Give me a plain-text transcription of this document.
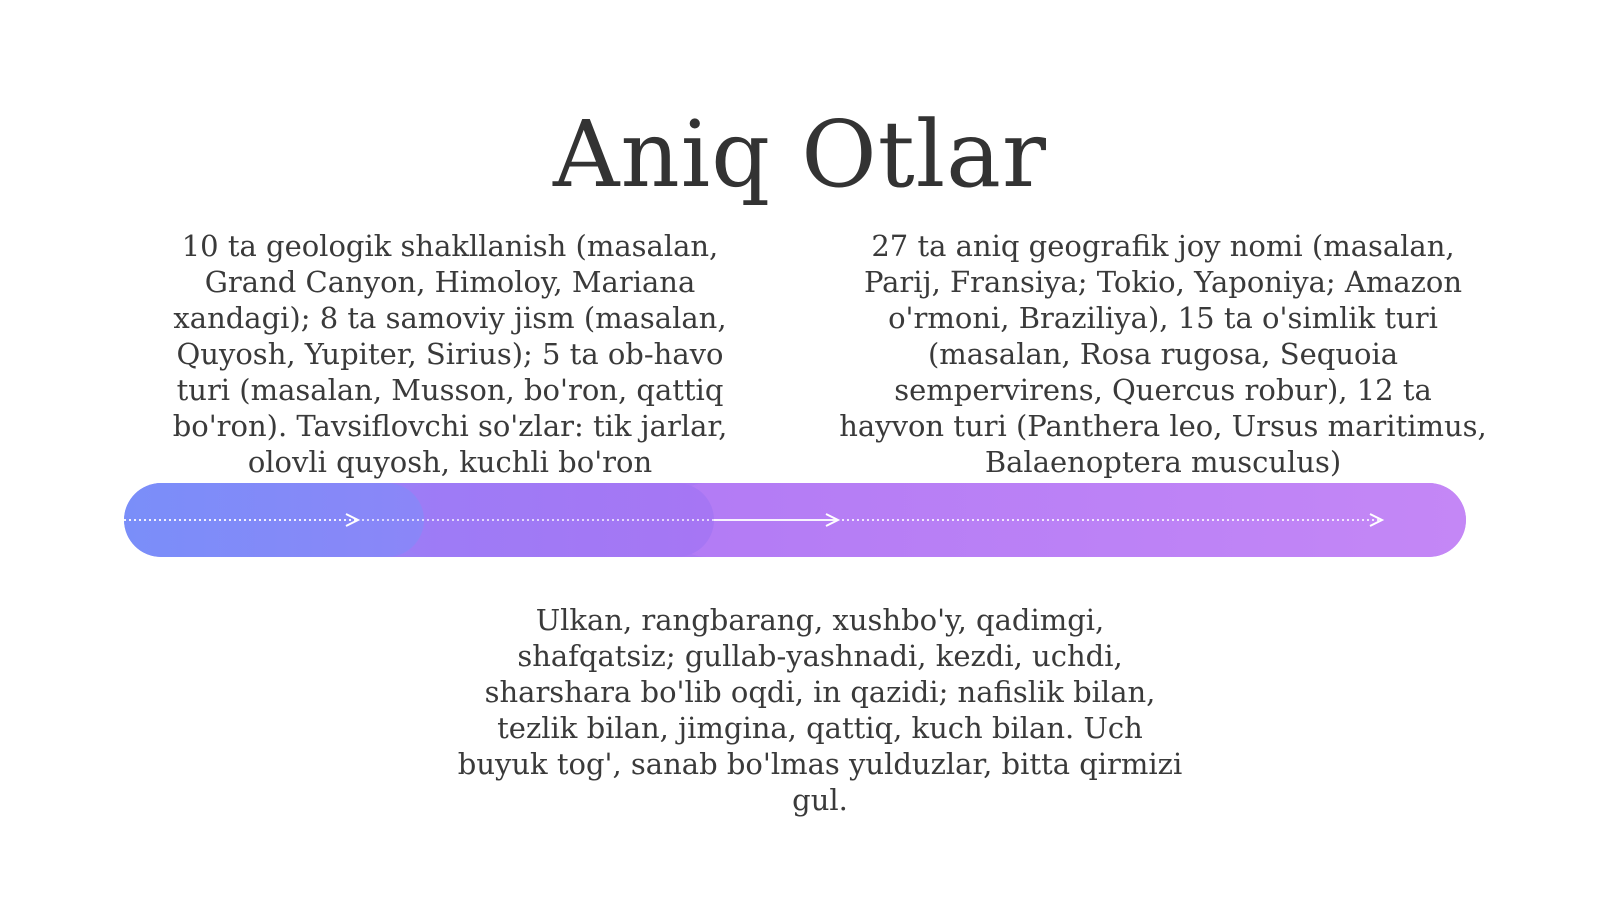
Aniq Otlar
10 ta geologik shakllanish (masalan, Grand Canyon, Himoloy, Mariana xandagi); 8 ta samoviy jism (masalan, Quyosh, Yupiter, Sirius); 5 ta ob-havo turi (masalan, Musson, bo'ron, qattiq bo'ron). Tavsiflovchi so'zlar: tik jarlar, olovli quyosh, kuchli bo'ron
27 ta aniq geografik joy nomi (masalan, Parij, Fransiya; Tokio, Yaponiya; Amazon o'rmoni, Braziliya), 15 ta o'simlik turi (masalan, Rosa rugosa, Sequoia sempervirens, Quercus robur), 12 ta hayvon turi (Panthera leo, Ursus maritimus, Balaenoptera musculus)
Ulkan, rangbarang, xushbo'y, qadimgi, shafqatsiz; gullab-yashnadi, kezdi, uchdi, sharshara bo'lib oqdi, in qazidi; nafislik bilan, tezlik bilan, jimgina, qattiq, kuch bilan. Uch buyuk tog', sanab bo'lmas yulduzlar, bitta qirmizi gul.
